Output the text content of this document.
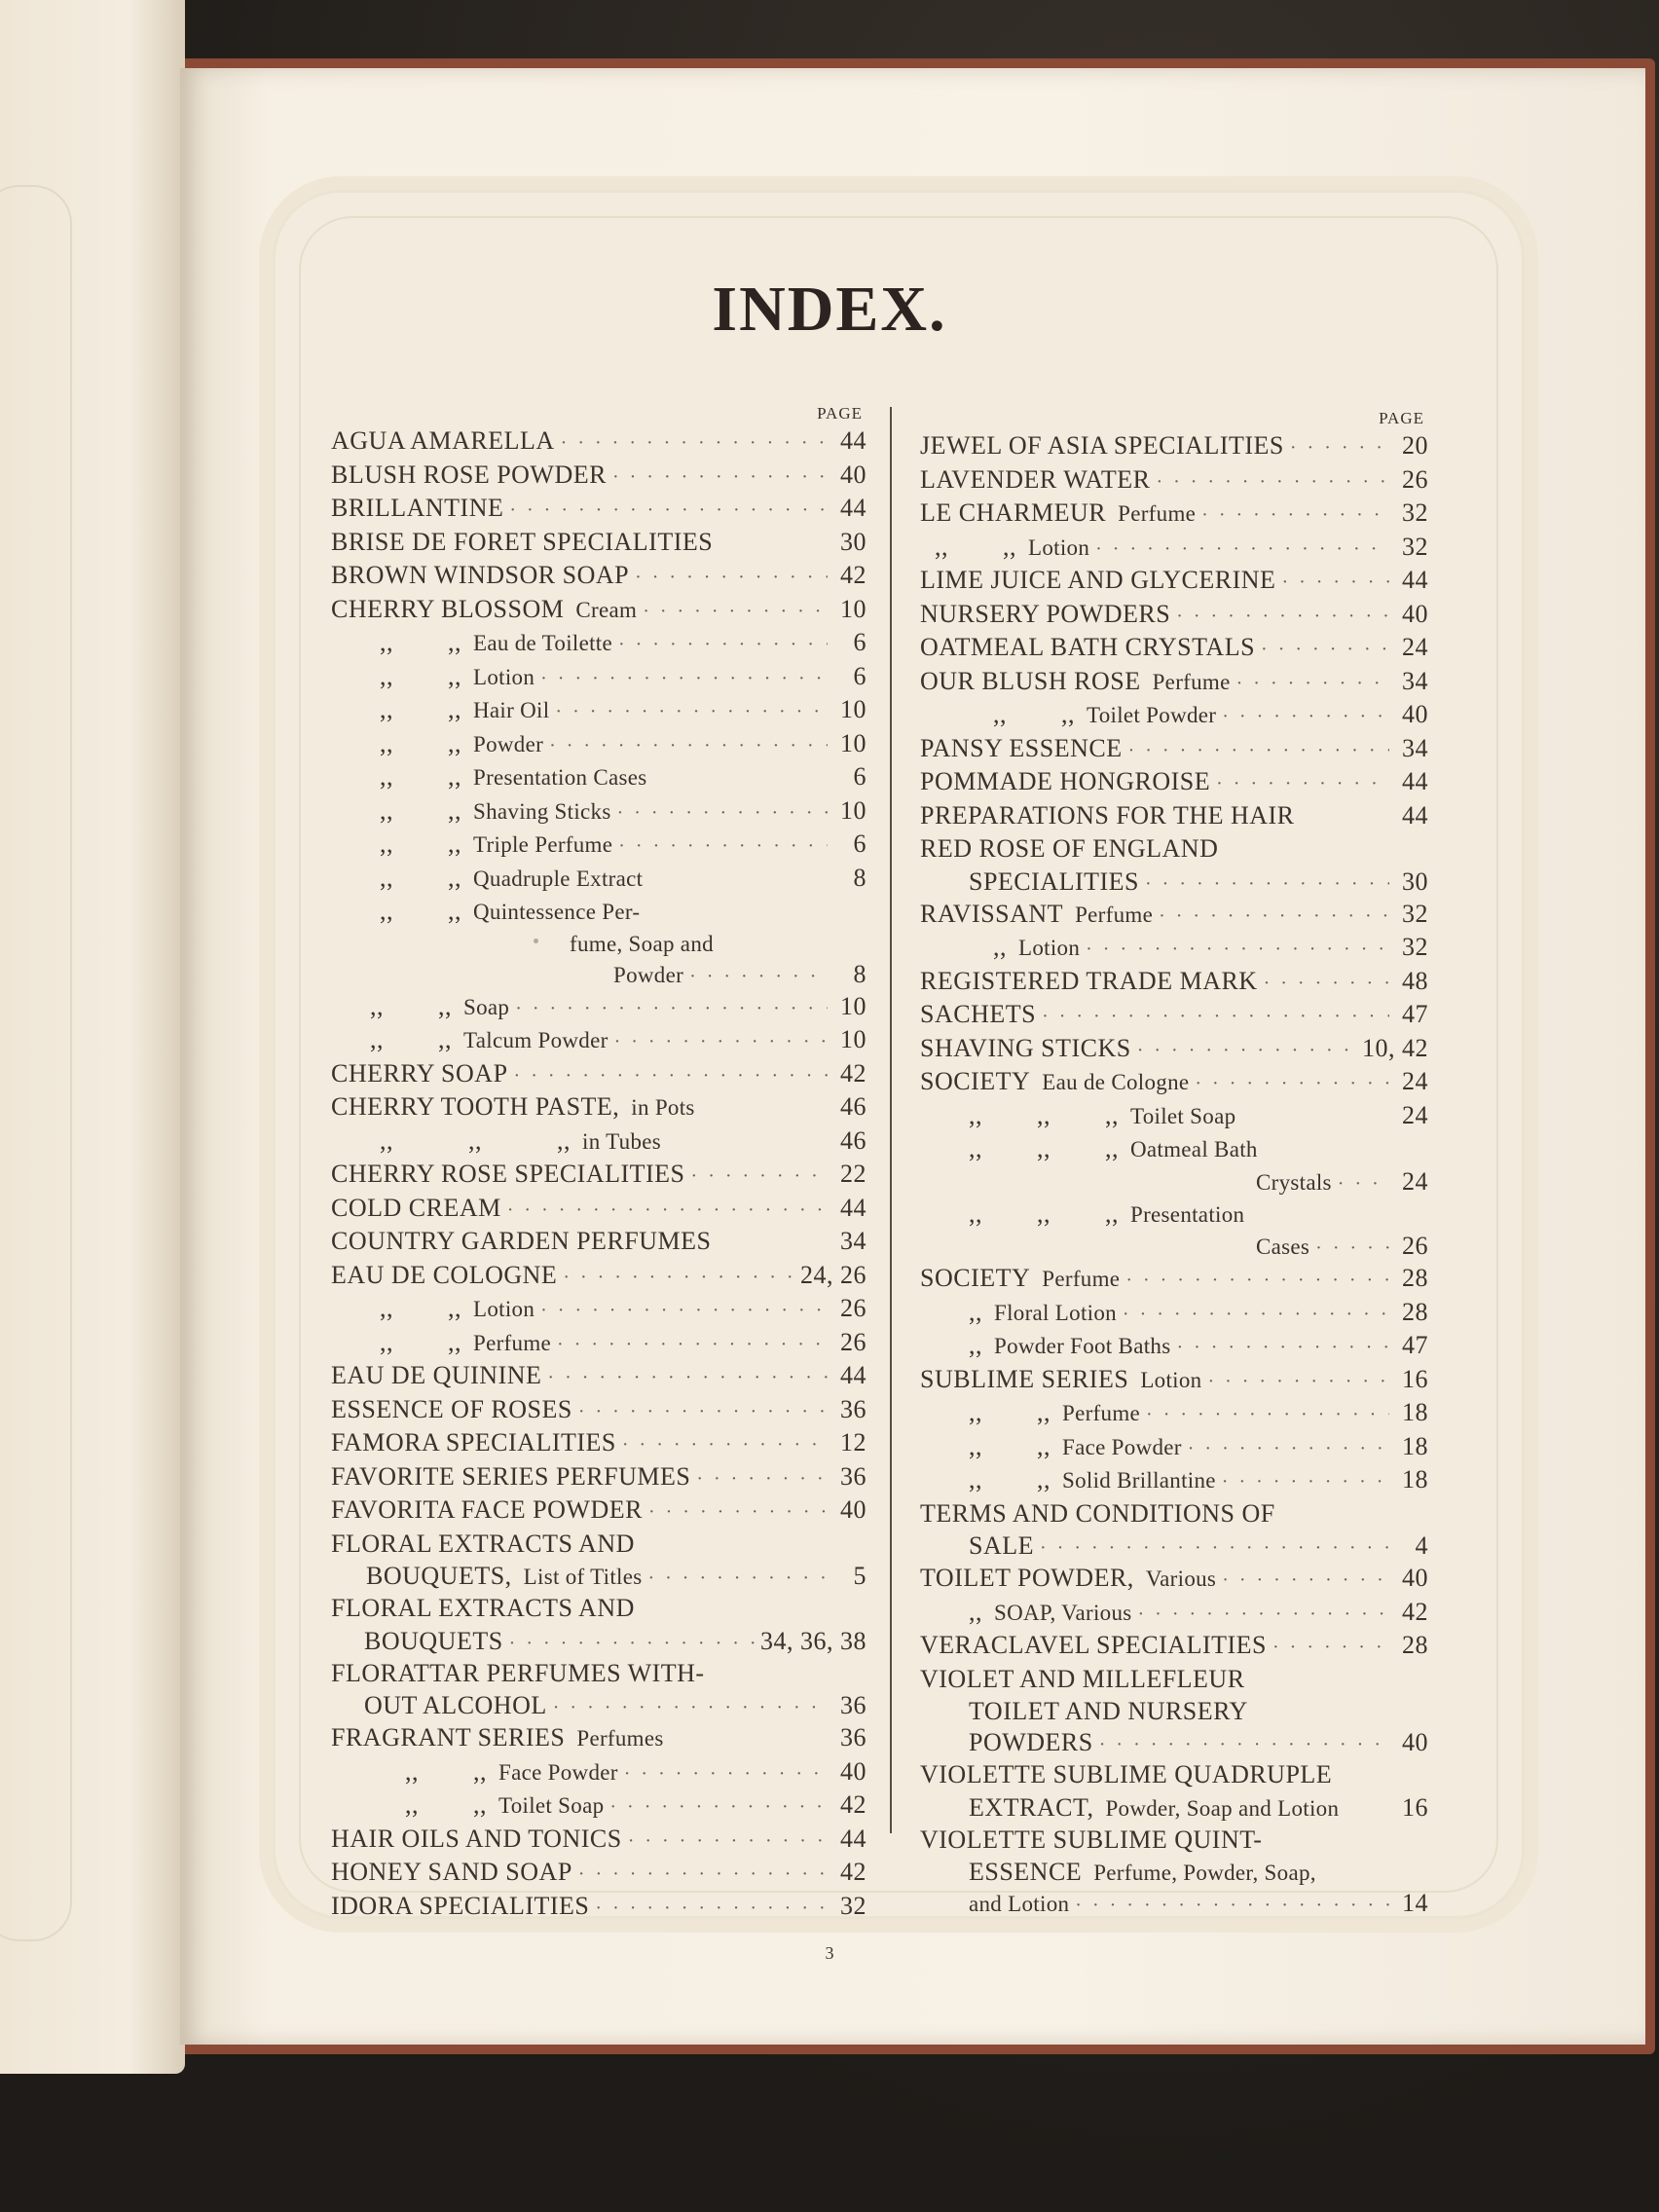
INDEX.
PAGE
AGUA AMARELLA · · ·	44
BLUSH ROSE POWDER · · ·	40
BRILLANTINE · · ·	44
BRISE DE FORET SPECIALITIES	30
BROWN WINDSOR SOAP · · ·	42
CHERRY BLOSSOM Cream · · ·	10
,,        ,, Eau de Toilette · · ·	6
,,        ,, Lotion · · ·	6
,,        ,, Hair Oil · · ·	10
,,        ,, Powder · · ·	10
,,        ,, Presentation Cases	6
,,        ,, Shaving Sticks · · ·	10
,,        ,, Triple Perfume · · ·	6
,,        ,, Quadruple Extract	8
,,        ,, Quintessence Per-
fume, Soap and
Powder · · ·	8
,,        ,, Soap · · ·	10
,,        ,, Talcum Powder · · ·	10
CHERRY SOAP · · ·	42
CHERRY TOOTH PASTE, in Pots	46
,,           ,,           ,, in Tubes	46
CHERRY ROSE SPECIALITIES · · ·	22
COLD CREAM · · ·	44
COUNTRY GARDEN PERFUMES	34
EAU DE COLOGNE · · ·	24, 26
,,        ,, Lotion · · ·	26
,,        ,, Perfume · · ·	26
EAU DE QUININE · · ·	44
ESSENCE OF ROSES · · ·	36
FAMORA SPECIALITIES · · ·	12
FAVORITE SERIES PERFUMES · · ·	36
FAVORITA FACE POWDER · · ·	40
FLORAL EXTRACTS AND
BOUQUETS, List of Titles · · ·	5
FLORAL EXTRACTS AND
BOUQUETS · · ·	34, 36, 38
FLORATTAR PERFUMES WITH-
OUT ALCOHOL · · ·	36
FRAGRANT SERIES Perfumes	36
,,        ,, Face Powder · · ·	40
,,        ,, Toilet Soap · · ·	42
HAIR OILS AND TONICS · · ·	44
HONEY SAND SOAP · · ·	42
IDORA SPECIALITIES · · ·	32
PAGE
JEWEL OF ASIA SPECIALITIES · · ·	20
LAVENDER WATER · · ·	26
LE CHARMEUR Perfume · · ·	32
,,        ,, Lotion · · ·	32
LIME JUICE AND GLYCERINE · · ·	44
NURSERY POWDERS · · ·	40
OATMEAL BATH CRYSTALS · · ·	24
OUR BLUSH ROSE Perfume · · ·	34
,,        ,, Toilet Powder · · ·	40
PANSY ESSENCE · · ·	34
POMMADE HONGROISE · · ·	44
PREPARATIONS FOR THE HAIR	44
RED ROSE OF ENGLAND
SPECIALITIES · · ·	30
RAVISSANT Perfume · · ·	32
,, Lotion · · ·	32
REGISTERED TRADE MARK · · ·	48
SACHETS · · ·	47
SHAVING STICKS · · ·	10, 42
SOCIETY Eau de Cologne · · ·	24
,,        ,,        ,, Toilet Soap	24
,,        ,,        ,, Oatmeal Bath
Crystals · · ·	24
,,        ,,        ,, Presentation
Cases · · ·	26
SOCIETY Perfume · · ·	28
,, Floral Lotion · · ·	28
,, Powder Foot Baths · · ·	47
SUBLIME SERIES Lotion · · ·	16
,,        ,, Perfume · · ·	18
,,        ,, Face Powder · · ·	18
,,        ,, Solid Brillantine · · ·	18
TERMS AND CONDITIONS OF
SALE · · ·	4
TOILET POWDER, Various · · ·	40
,, SOAP, Various · · ·	42
VERACLAVEL SPECIALITIES · · ·	28
VIOLET AND MILLEFLEUR
TOILET AND NURSERY
POWDERS · · ·	40
VIOLETTE SUBLIME QUADRUPLE
EXTRACT, Powder, Soap and Lotion	16
VIOLETTE SUBLIME QUINT-
ESSENCE Perfume, Powder, Soap,
and Lotion · · ·	14
3
